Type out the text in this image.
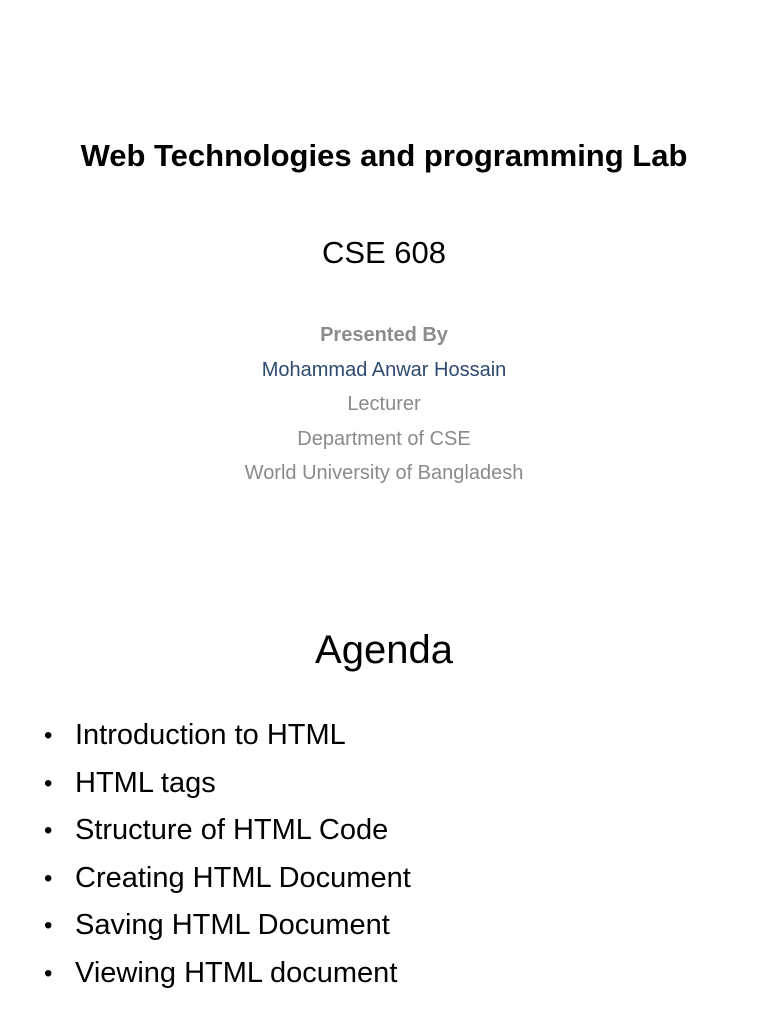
Web Technologies and programming Lab
CSE 608
Presented By
Mohammad Anwar Hossain
Lecturer
Department of CSE
World University of Bangladesh
Agenda
• Introduction to HTML
• HTML tags
• Structure of HTML Code
• Creating HTML Document
• Saving HTML Document
• Viewing HTML document
